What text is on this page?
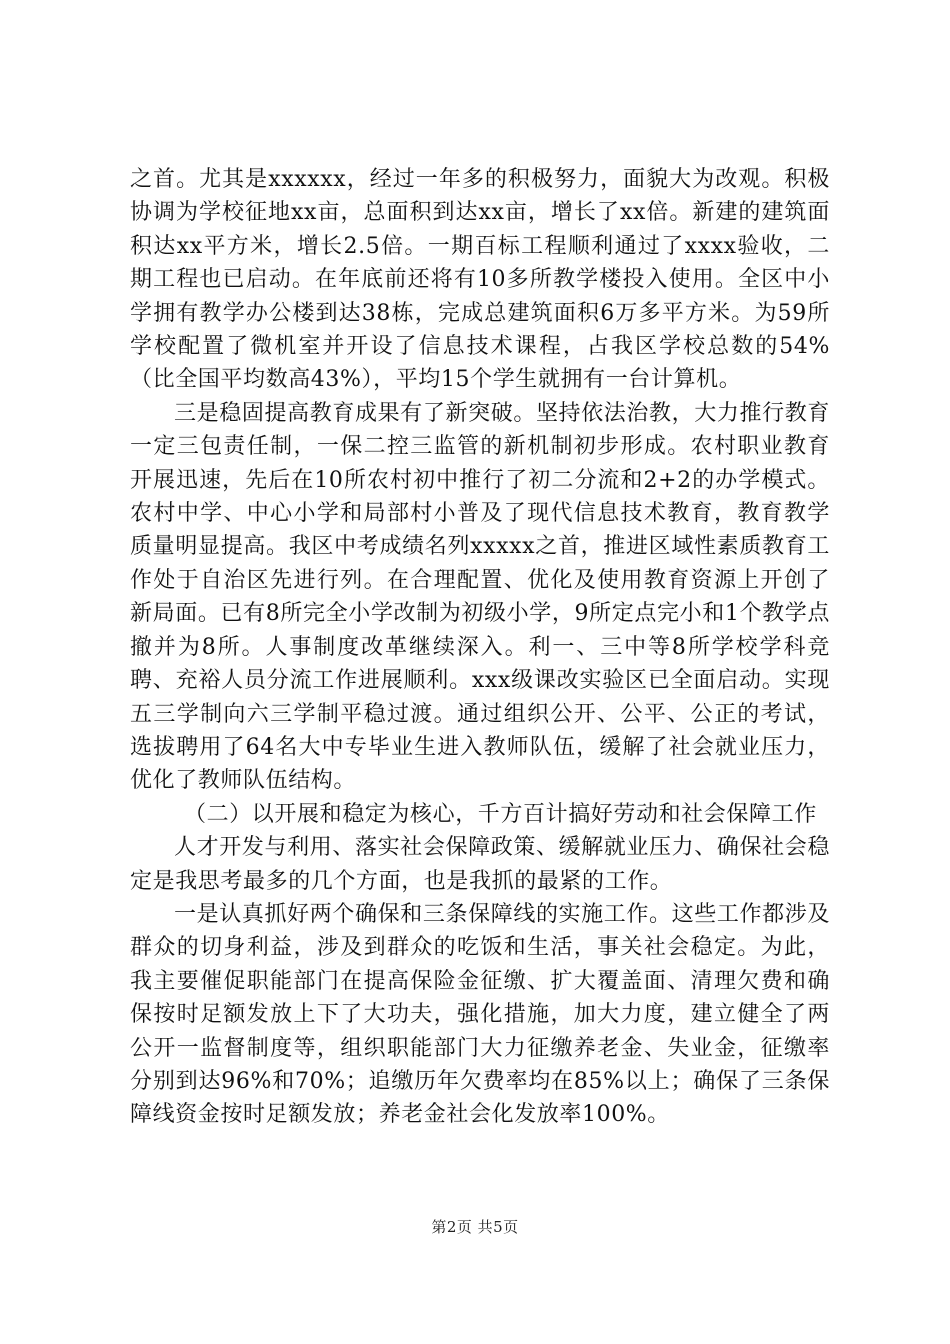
之首。尤其是xxxxxx，经过一年多的积极努力，面貌大为改观。积极协调为学校征地xx亩，总面积到达xx亩，增长了xx倍。新建的建筑面积达xx平方米，增长2.5倍。一期百标工程顺利通过了xxxx验收，二期工程也已启动。在年底前还将有10多所教学楼投入使用。全区中小学拥有教学办公楼到达38栋，完成总建筑面积6万多平方米。为59所学校配置了微机室并开设了信息技术课程，占我区学校总数的54%（比全国平均数高43%），平均15个学生就拥有一台计算机。

三是稳固提高教育成果有了新突破。坚持依法治教，大力推行教育一定三包责任制，一保二控三监管的新机制初步形成。农村职业教育开展迅速，先后在10所农村初中推行了初二分流和2+2的办学模式。农村中学、中心小学和局部村小普及了现代信息技术教育，教育教学质量明显提高。我区中考成绩名列xxxxx之首，推进区域性素质教育工作处于自治区先进行列。在合理配置、优化及使用教育资源上开创了新局面。已有8所完全小学改制为初级小学，9所定点完小和1个教学点撤并为8所。人事制度改革继续深入。利一、三中等8所学校学科竞聘、充裕人员分流工作进展顺利。xxx级课改实验区已全面启动。实现五三学制向六三学制平稳过渡。通过组织公开、公平、公正的考试，选拔聘用了64名大中专毕业生进入教师队伍，缓解了社会就业压力，优化了教师队伍结构。

（二）以开展和稳定为核心，千方百计搞好劳动和社会保障工作

人才开发与利用、落实社会保障政策、缓解就业压力、确保社会稳定是我思考最多的几个方面，也是我抓的最紧的工作。

一是认真抓好两个确保和三条保障线的实施工作。这些工作都涉及群众的切身利益，涉及到群众的吃饭和生活，事关社会稳定。为此，我主要催促职能部门在提高保险金征缴、扩大覆盖面、清理欠费和确保按时足额发放上下了大功夫，强化措施，加大力度，建立健全了两公开一监督制度等，组织职能部门大力征缴养老金、失业金，征缴率分别到达96%和70%；追缴历年欠费率均在85%以上；确保了三条保障线资金按时足额发放；养老金社会化发放率100%。

第2页 共5页
